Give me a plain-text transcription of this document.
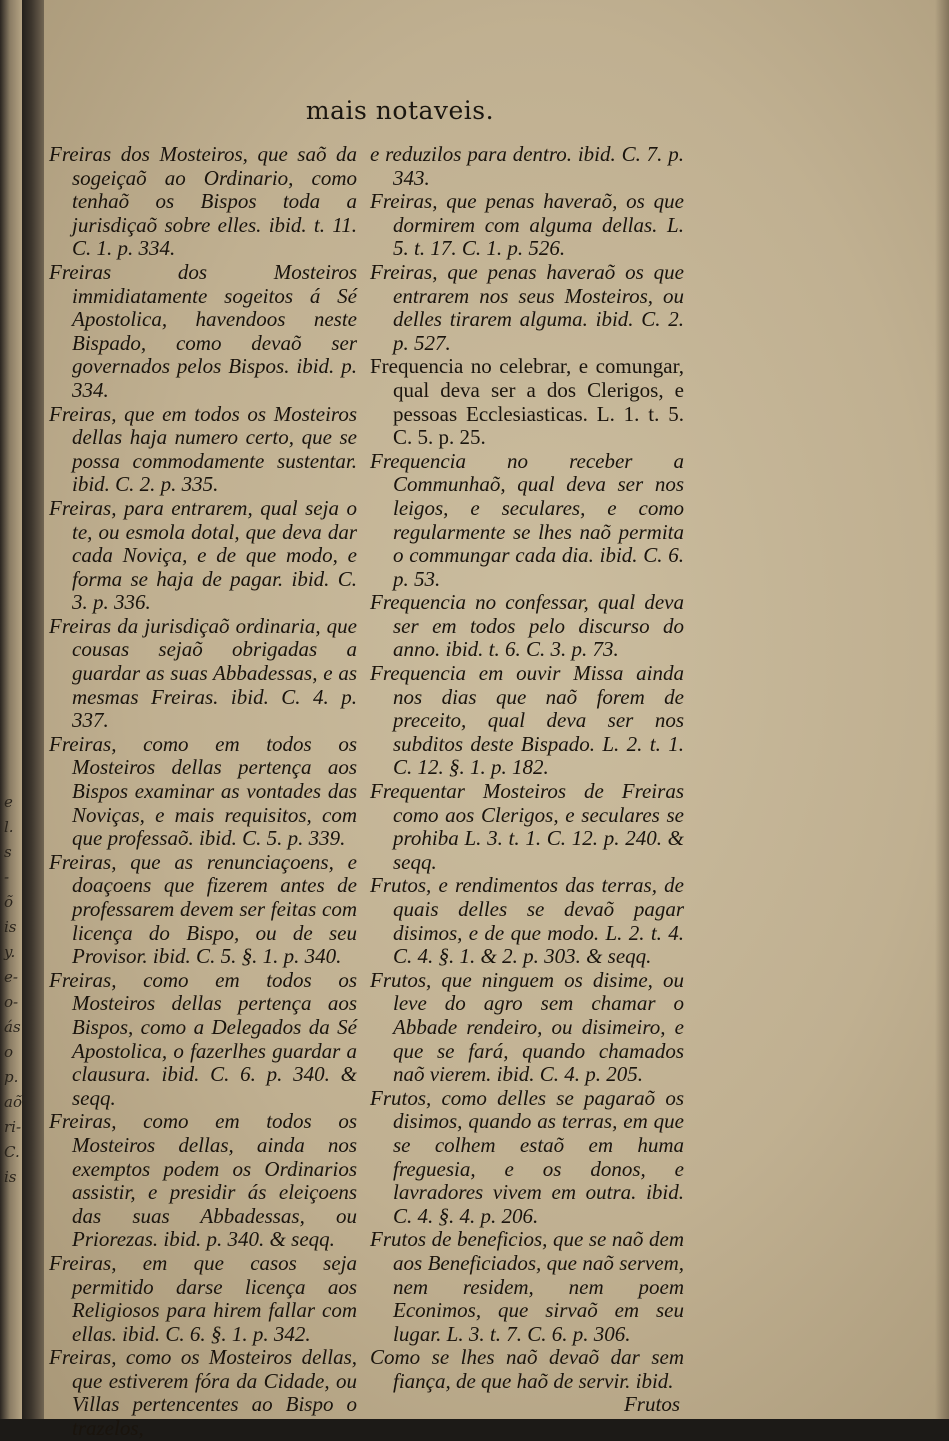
e
l.
s
-
õ
is
y.
e-
o-
ás
o
p.
aõ
ri-
C.
is
mais notaveis.
Freiras dos Mosteiros, que saõ da sogeiçaõ ao Ordinario, como tenhaõ os Bispos toda a jurisdiçaõ sobre elles. ibid. t. 11. C. 1. p. 334.
Freiras dos Mosteiros immidiatamente sogeitos á Sé Apostolica, havendoos neste Bispado, como devaõ ser governados pelos Bispos. ibid. p. 334.
Freiras, que em todos os Mosteiros dellas haja numero certo, que se possa commodamente sustentar. ibid. C. 2. p. 335.
Freiras, para entrarem, qual seja o te, ou esmola dotal, que deva dar cada Noviça, e de que modo, e forma se haja de pagar. ibid. C. 3. p. 336.
Freiras da jurisdiçaõ ordinaria, que cousas sejaõ obrigadas a guardar as suas Abbadessas, e as mesmas Freiras. ibid. C. 4. p. 337.
Freiras, como em todos os Mosteiros dellas pertença aos Bispos examinar as vontades das Noviças, e mais requisitos, com que professaõ. ibid. C. 5. p. 339.
Freiras, que as renunciaçoens, e doaçoens que fizerem antes de professarem devem ser feitas com licença do Bispo, ou de seu Provisor. ibid. C. 5. §. 1. p. 340.
Freiras, como em todos os Mosteiros dellas pertença aos Bispos, como a Delegados da Sé Apostolica, o fazerlhes guardar a clausura. ibid. C. 6. p. 340. & seqq.
Freiras, como em todos os Mosteiros dellas, ainda nos exemptos podem os Ordinarios assistir, e presidir ás eleiçoens das suas Abbadessas, ou Priorezas. ibid. p. 340. & seqq.
Freiras, em que casos seja permitido darse licença aos Religiosos para hirem fallar com ellas. ibid. C. 6. §. 1. p. 342.
Freiras, como os Mosteiros dellas, que estiverem fóra da Cidade, ou Villas pertencentes ao Bispo o trazelos,
e reduzilos para dentro. ibid. C. 7. p. 343.
Freiras, que penas haveraõ, os que dormirem com alguma dellas. L. 5. t. 17. C. 1. p. 526.
Freiras, que penas haveraõ os que entrarem nos seus Mosteiros, ou delles tirarem alguma. ibid. C. 2. p. 527.
Frequencia no celebrar, e comungar, qual deva ser a dos Clerigos, e pessoas Ecclesiasticas. L. 1. t. 5. C. 5. p. 25.
Frequencia no receber a Communhaõ, qual deva ser nos leigos, e seculares, e como regularmente se lhes naõ permita o commungar cada dia. ibid. C. 6. p. 53.
Frequencia no confessar, qual deva ser em todos pelo discurso do anno. ibid. t. 6. C. 3. p. 73.
Frequencia em ouvir Missa ainda nos dias que naõ forem de preceito, qual deva ser nos subditos deste Bispado. L. 2. t. 1. C. 12. §. 1. p. 182.
Frequentar Mosteiros de Freiras como aos Clerigos, e seculares se prohiba L. 3. t. 1. C. 12. p. 240. & seqq.
Frutos, e rendimentos das terras, de quais delles se devaõ pagar disimos, e de que modo. L. 2. t. 4. C. 4. §. 1. & 2. p. 303. & seqq.
Frutos, que ninguem os disime, ou leve do agro sem chamar o Abbade rendeiro, ou disimeiro, e que se fará, quando chamados naõ vierem. ibid. C. 4. p. 205.
Frutos, como delles se pagaraõ os disimos, quando as terras, em que se colhem estaõ em huma freguesia, e os donos, e lavradores vivem em outra. ibid. C. 4. §. 4. p. 206.
Frutos de beneficios, que se naõ dem aos Beneficiados, que naõ servem, nem residem, nem poem Econimos, que sirvaõ em seu lugar. L. 3. t. 7. C. 6. p. 306.
Como se lhes naõ devaõ dar sem fiança, de que haõ de servir. ibid.
Frutos
